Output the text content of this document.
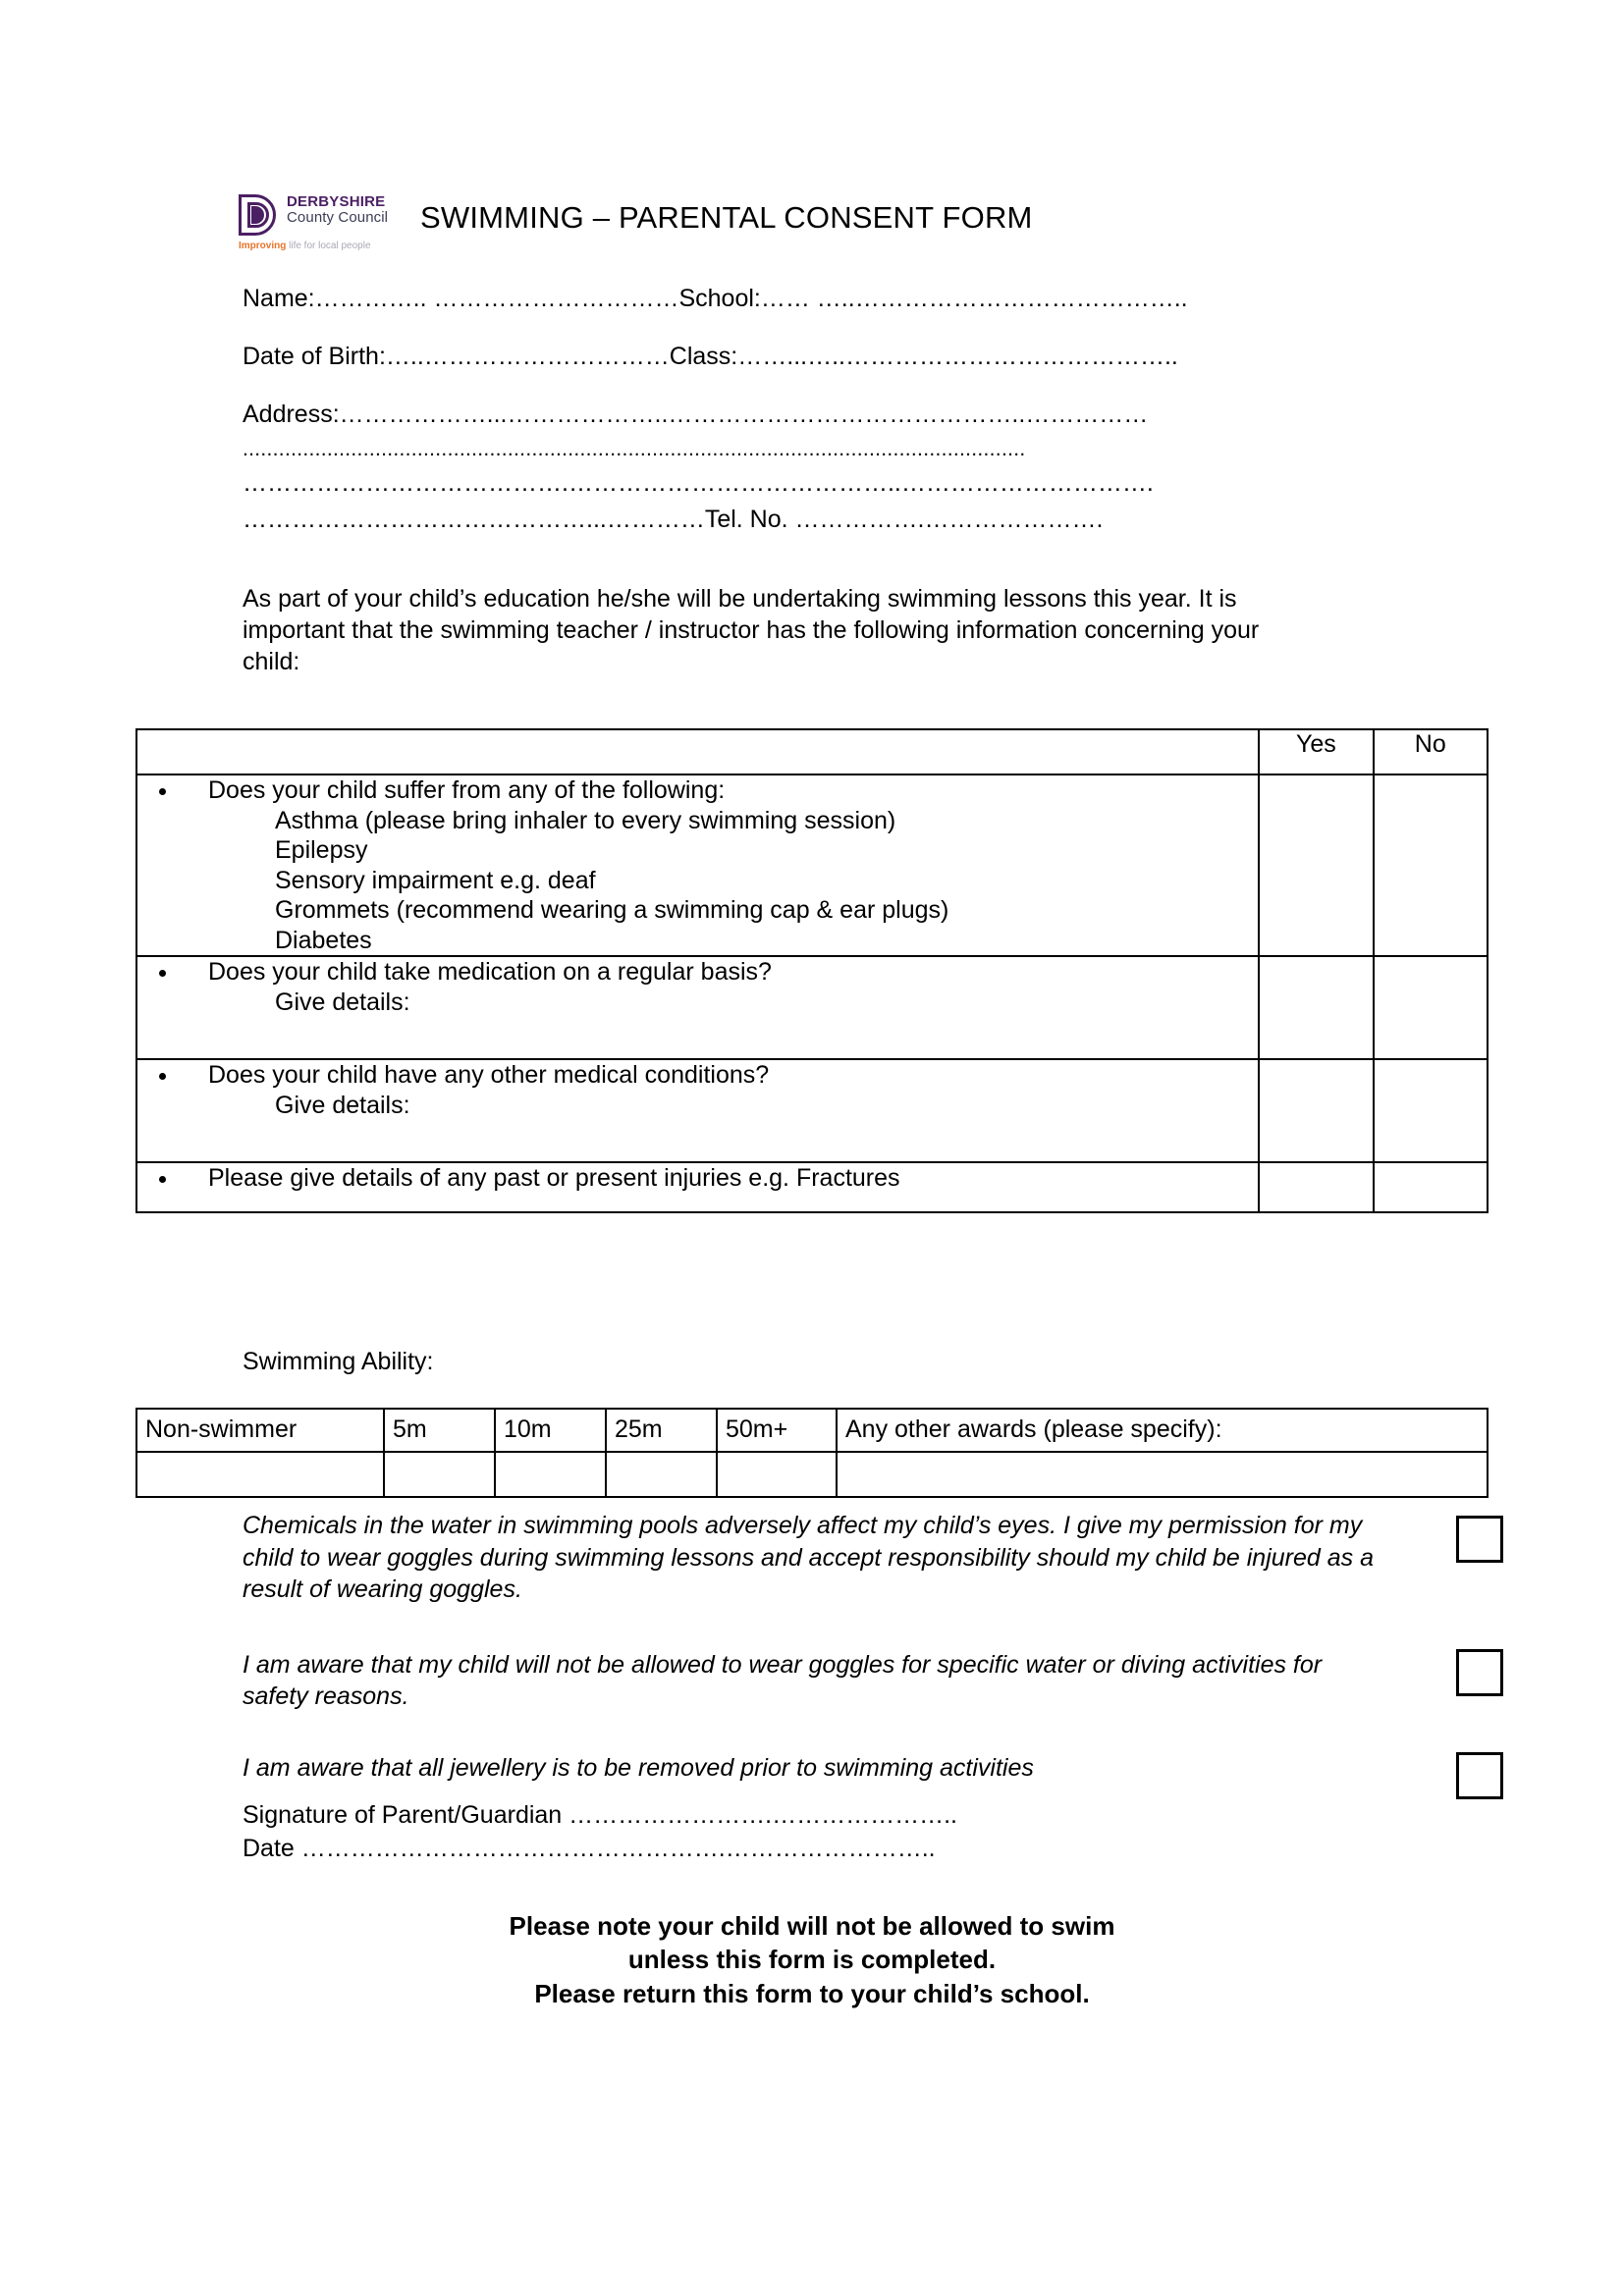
DERBYSHIRE
County Council
Improving life for local people
SWIMMING – PARENTAL CONSENT FORM
Name:………….. …………………………School:…… …..…………………………………..
Date of Birth:…..…………………………Class:……...…..…………………………………..
Address:………………...………………..……………………………………..……………
..................................................................................................................................
………………………………….…………………………………..………………………….
……………………………………...…………Tel. No. …………….………………….
As part of your child’s education he/she will be undertaking swimming lessons this year. It is important that the swimming teacher / instructor has the following information concerning your child:
	Yes	No

Does your child suffer from any of the following:
Asthma (please bring inhaler to every swimming session)
Epilepsy
Sensory impairment e.g. deaf
Grommets (recommend wearing a swimming cap & ear plugs)
Diabetes

Does your child take medication on a regular basis?
Give details:		

Does your child have any other medical conditions?
Give details:		

Please give details of any past or present injuries e.g. Fractures		

Swimming Ability:
Non-swimmer	5m	10m	25m	50m+	Any other awards (please specify):

Chemicals in the water in swimming pools adversely affect my child’s eyes. I give my permission for my child to wear goggles during swimming lessons and accept responsibility should my child be injured as a result of wearing goggles.
I am aware that my child will not be allowed to wear goggles for specific water or diving activities for safety reasons.
I am aware that all jewellery is to be removed prior to swimming activities
Signature of Parent/Guardian …………………….…………………..
Date …………………………………………….……………………..
Please note your child will not be allowed to swim
unless this form is completed.
Please return this form to your child’s school.
